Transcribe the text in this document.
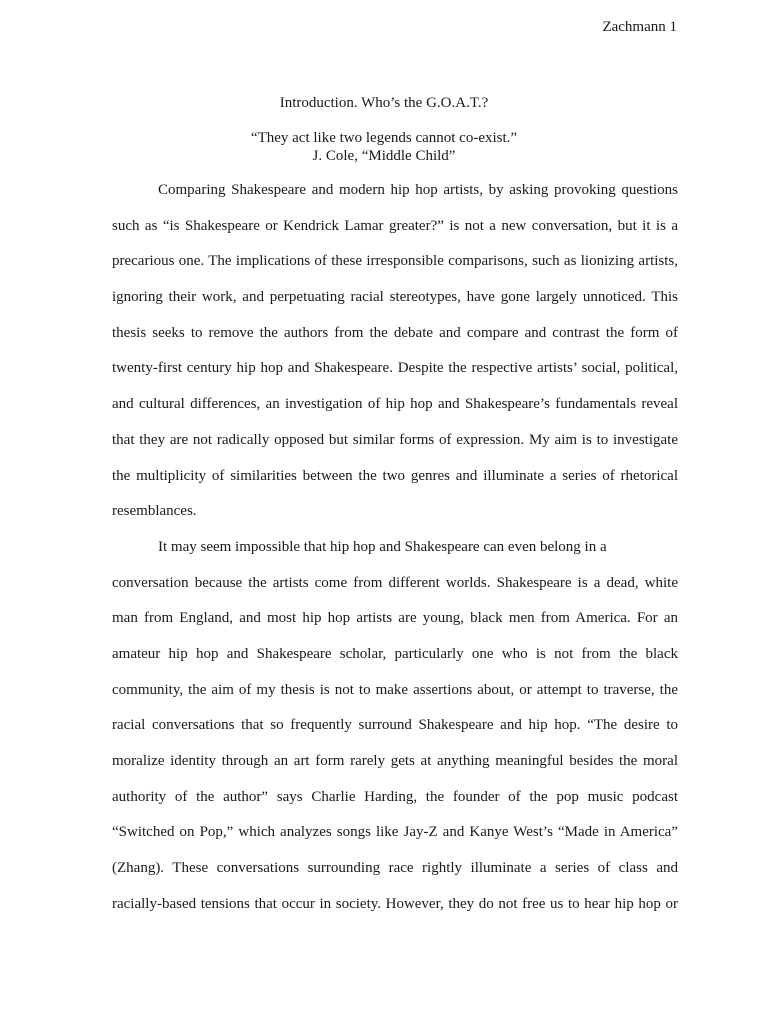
Zachmann 1
Introduction. Who’s the G.O.A.T.?
“They act like two legends cannot co-exist.”
J. Cole, “Middle Child”
Comparing Shakespeare and modern hip hop artists, by asking provoking questions
such as “is Shakespeare or Kendrick Lamar greater?” is not a new conversation, but it is a
precarious one. The implications of these irresponsible comparisons, such as lionizing artists,
ignoring their work, and perpetuating racial stereotypes, have gone largely unnoticed. This
thesis seeks to remove the authors from the debate and compare and contrast the form of
twenty-first century hip hop and Shakespeare. Despite the respective artists’ social, political,
and cultural differences, an investigation of hip hop and Shakespeare’s fundamentals reveal
that they are not radically opposed but similar forms of expression. My aim is to investigate
the multiplicity of similarities between the two genres and illuminate a series of rhetorical
resemblances.
It may seem impossible that hip hop and Shakespeare can even belong in a
conversation because the artists come from different worlds. Shakespeare is a dead, white
man from England, and most hip hop artists are young, black men from America. For an
amateur hip hop and Shakespeare scholar, particularly one who is not from the black
community, the aim of my thesis is not to make assertions about, or attempt to traverse, the
racial conversations that so frequently surround Shakespeare and hip hop. “The desire to
moralize identity through an art form rarely gets at anything meaningful besides the moral
authority of the author” says Charlie Harding, the founder of the pop music podcast
“Switched on Pop,” which analyzes songs like Jay-Z and Kanye West’s “Made in America”
(Zhang). These conversations surrounding race rightly illuminate a series of class and
racially-based tensions that occur in society. However, they do not free us to hear hip hop or
